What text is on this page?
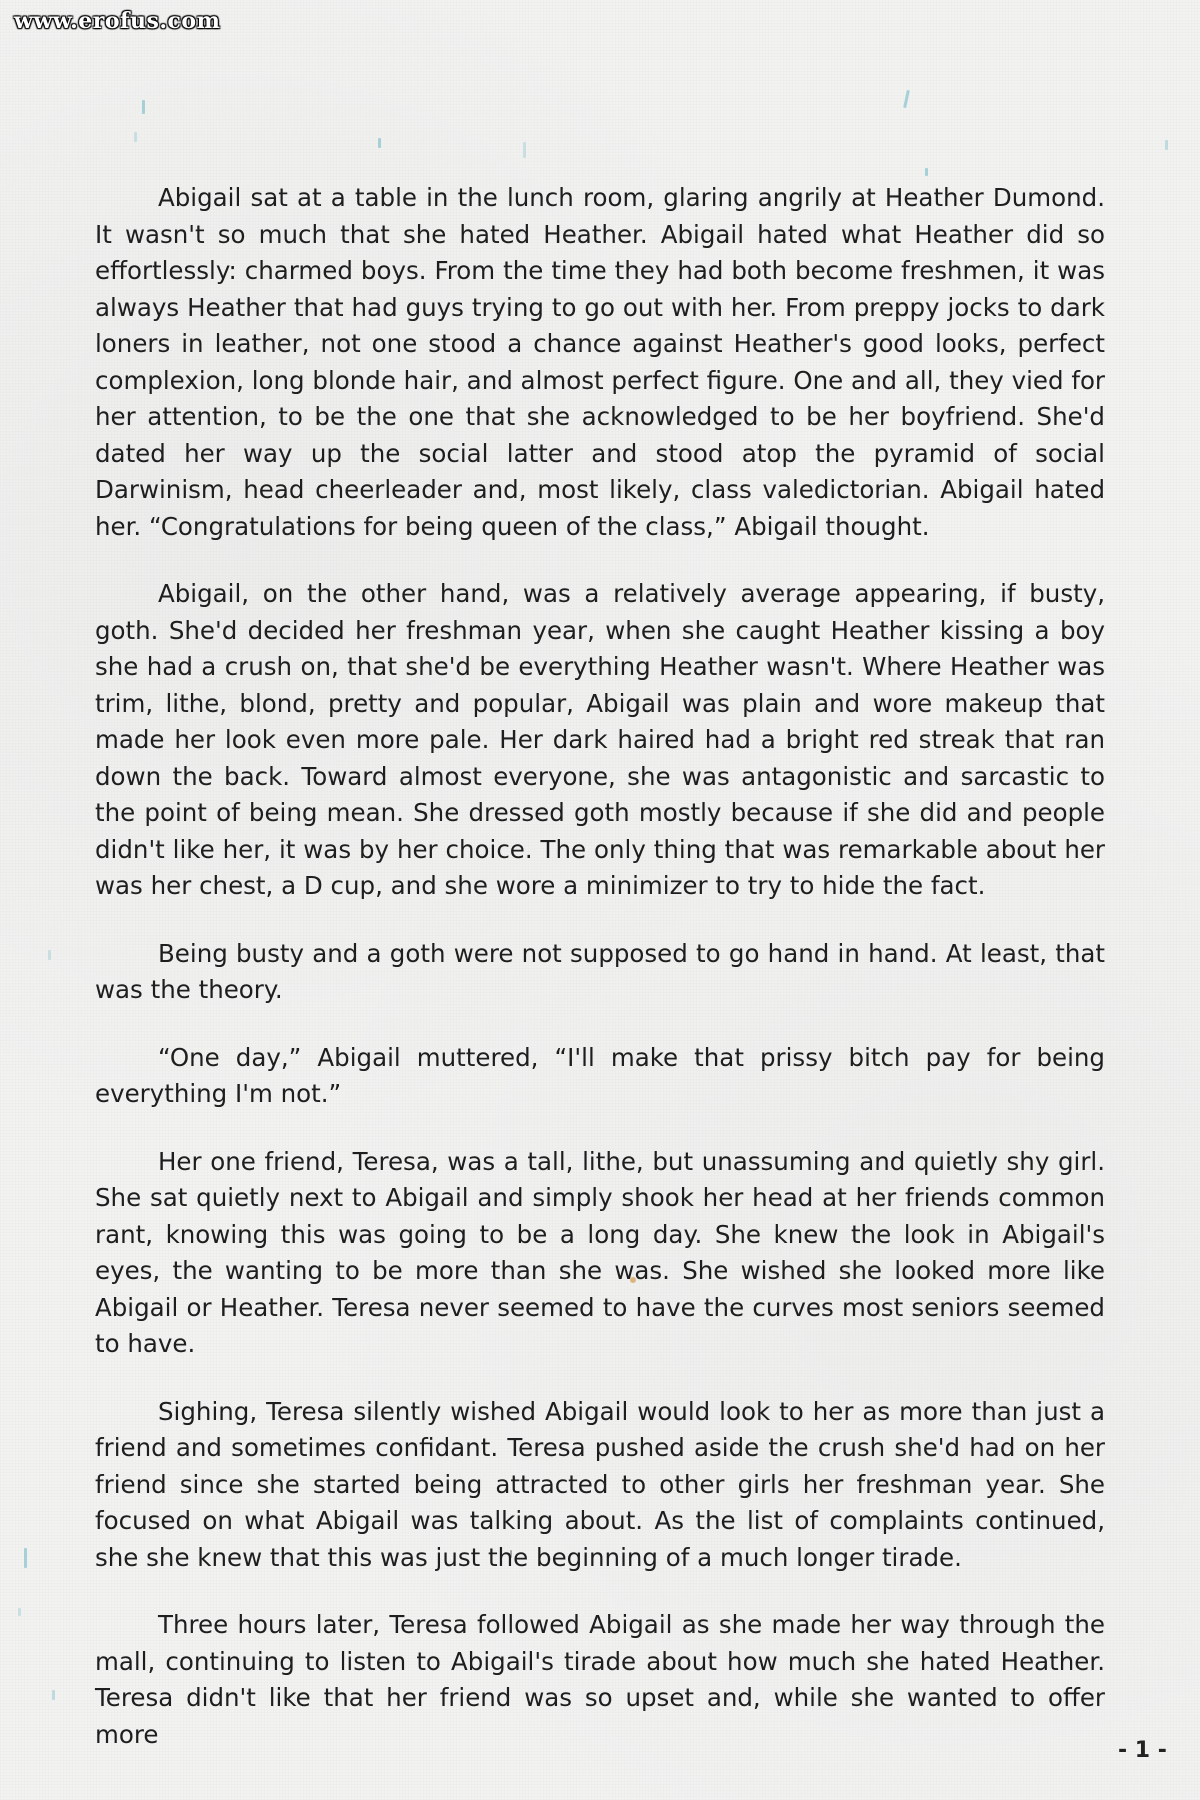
www.erofus.com

Abigail sat at a table in the lunch room, glaring angrily at Heather Dumond. It wasn't so much that she hated Heather. Abigail hated what Heather did so effortlessly: charmed boys. From the time they had both become freshmen, it was always Heather that had guys trying to go out with her. From preppy jocks to dark loners in leather, not one stood a chance against Heather's good looks, perfect complexion, long blonde hair, and almost perfect figure. One and all, they vied for her attention, to be the one that she acknowledged to be her boyfriend. She'd dated her way up the social latter and stood atop the pyramid of social Darwinism, head cheerleader and, most likely, class valedictorian. Abigail hated her. “Congratulations for being queen of the class,” Abigail thought.

Abigail, on the other hand, was a relatively average appearing, if busty, goth. She'd decided her freshman year, when she caught Heather kissing a boy she had a crush on, that she'd be everything Heather wasn't. Where Heather was trim, lithe, blond, pretty and popular, Abigail was plain and wore makeup that made her look even more pale. Her dark haired had a bright red streak that ran down the back. Toward almost everyone, she was antagonistic and sarcastic to the point of being mean. She dressed goth mostly because if she did and people didn't like her, it was by her choice. The only thing that was remarkable about her was her chest, a D cup, and she wore a minimizer to try to hide the fact.

Being busty and a goth were not supposed to go hand in hand. At least, that was the theory.

“One day,” Abigail muttered, “I'll make that prissy bitch pay for being everything I'm not.”

Her one friend, Teresa, was a tall, lithe, but unassuming and quietly shy girl. She sat quietly next to Abigail and simply shook her head at her friends common rant, knowing this was going to be a long day. She knew the look in Abigail's eyes, the wanting to be more than she was. She wished she looked more like Abigail or Heather. Teresa never seemed to have the curves most seniors seemed to have.

Sighing, Teresa silently wished Abigail would look to her as more than just a friend and sometimes confidant. Teresa pushed aside the crush she'd had on her friend since she started being attracted to other girls her freshman year. She focused on what Abigail was talking about. As the list of complaints continued, she she knew that this was just the beginning of a much longer tirade.

Three hours later, Teresa followed Abigail as she made her way through the mall, continuing to listen to Abigail's tirade about how much she hated Heather. Teresa didn't like that her friend was so upset and, while she wanted to offer more

- 1 -
